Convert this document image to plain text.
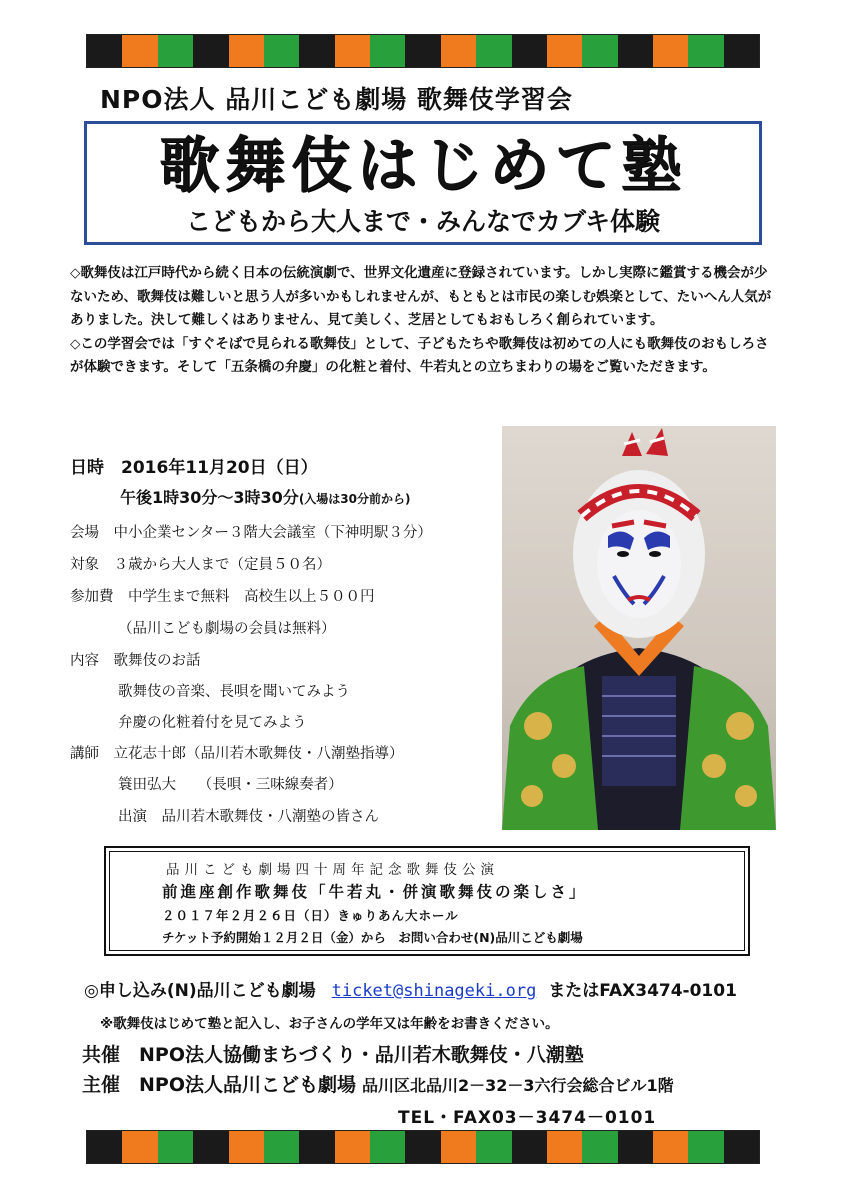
NPO法人 品川こども劇場 歌舞伎学習会
歌舞伎はじめて塾
こどもから大人まで・みんなでカブキ体験

◇歌舞伎は江戸時代から続く日本の伝統演劇で、世界文化遺産に登録されています。しかし実際に鑑賞する機会が少ないため、歌舞伎は難しいと思う人が多いかもしれませんが、もともとは市民の楽しむ娯楽として、たいへん人気がありました。決して難しくはありません、見て美しく、芝居としてもおもしろく創られています。

◇この学習会では「すぐそばで見られる歌舞伎」として、子どもたちや歌舞伎は初めての人にも歌舞伎のおもしろさが体験できます。そして「五条橋の弁慶」の化粧と着付、牛若丸との立ちまわりの場をご覧いただきます。

日時　2016年11月20日（日）
午後1時30分～3時30分(入場は30分前から)
会場　中小企業センター３階大会議室（下神明駅３分）
対象　３歳から大人まで（定員５０名）
参加費　中学生まで無料　高校生以上５００円
（品川こども劇場の会員は無料）
内容　歌舞伎のお話
歌舞伎の音楽、長唄を聞いてみよう
弁慶の化粧着付を見てみよう
講師　立花志十郎（品川若木歌舞伎・八潮塾指導）
簑田弘大　　（長唄・三味線奏者）
出演　品川若木歌舞伎・八潮塾の皆さん
品川こども劇場四十周年記念歌舞伎公演
前進座創作歌舞伎「牛若丸・併演歌舞伎の楽しさ」
２０１７年２月２６日（日）きゅりあん大ホール
チケット予約開始１２月２日（金）から　お問い合わせ(N)品川こども劇場
◎申し込み(N)品川こども劇場 ticket@shinageki.org またはFAX3474-0101
※歌舞伎はじめて塾と記入し、お子さんの学年又は年齢をお書きください。
共催　NPO法人協働まちづくり・品川若木歌舞伎・八潮塾
主催　NPO法人品川こども劇場 品川区北品川2－32－3六行会総合ビル1階
TEL・FAX03－3474－0101
